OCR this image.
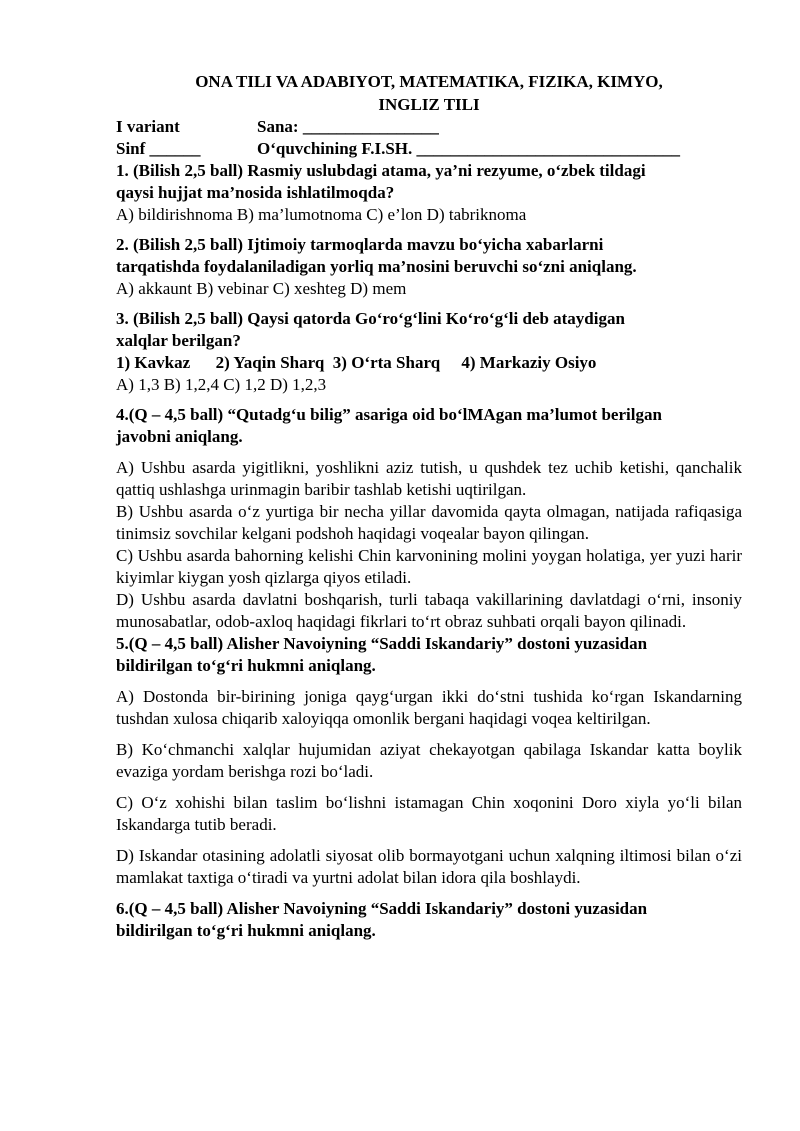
ONA TILI VA ADABIYOT, MATEMATIKA, FIZIKA, KIMYO,
INGLIZ TILI
I variant	Sana: ________________
Sinf ______	O‘quvchining F.I.SH. _______________________________
1. (Bilish 2,5 ball) Rasmiy uslubdagi atama, ya’ni rezyume, o‘zbek tildagi
qaysi hujjat ma’nosida ishlatilmoqda?
A) bildirishnoma B) ma’lumotnoma C) e’lon D) tabriknoma
2. (Bilish 2,5 ball) Ijtimoiy tarmoqlarda mavzu bo‘yicha xabarlarni
tarqatishda foydalaniladigan yorliq ma’nosini beruvchi so‘zni aniqlang.
A) akkaunt B) vebinar C) xeshteg D) mem
3. (Bilish 2,5 ball) Qaysi qatorda Go‘ro‘g‘lini Ko‘ro‘g‘li deb ataydigan
xalqlar berilgan?
1) Kavkaz      2) Yaqin Sharq  3) O‘rta Sharq     4) Markaziy Osiyo
A) 1,3 B) 1,2,4 C) 1,2 D) 1,2,3
4.(Q – 4,5 ball) “Qutadg‘u bilig” asariga oid bo‘lMAgan ma’lumot berilgan
javobni aniqlang.
A) Ushbu asarda yigitlikni, yoshlikni aziz tutish, u qushdek tez uchib ketishi, qanchalik qattiq ushlashga urinmagin baribir tashlab ketishi uqtirilgan.
B) Ushbu asarda o‘z yurtiga bir necha yillar davomida qayta olmagan, natijada rafiqasiga tinimsiz sovchilar kelgani podshoh haqidagi voqealar bayon qilingan.
C) Ushbu asarda bahorning kelishi Chin karvonining molini yoygan holatiga, yer yuzi harir kiyimlar kiygan yosh qizlarga qiyos etiladi.
D) Ushbu asarda davlatni boshqarish, turli tabaqa vakillarining davlatdagi o‘rni, insoniy munosabatlar, odob-axloq haqidagi fikrlari to‘rt obraz suhbati orqali bayon qilinadi.
5.(Q – 4,5 ball) Alisher Navoiyning “Saddi Iskandariy” dostoni yuzasidan
bildirilgan to‘g‘ri hukmni aniqlang.
A) Dostonda bir-birining joniga qayg‘urgan ikki do‘stni tushida ko‘rgan Iskandarning tushdan xulosa chiqarib xaloyiqqa omonlik bergani haqidagi voqea keltirilgan.
B) Ko‘chmanchi xalqlar hujumidan aziyat chekayotgan qabilaga Iskandar katta boylik evaziga yordam berishga rozi bo‘ladi.
C) O‘z xohishi bilan taslim bo‘lishni istamagan Chin xoqonini Doro xiyla yo‘li bilan Iskandarga tutib beradi.
D) Iskandar otasining adolatli siyosat olib bormayotgani uchun xalqning iltimosi bilan o‘zi mamlakat taxtiga o‘tiradi va yurtni adolat bilan idora qila boshlaydi.
6.(Q – 4,5 ball) Alisher Navoiyning “Saddi Iskandariy” dostoni yuzasidan
bildirilgan to‘g‘ri hukmni aniqlang.
